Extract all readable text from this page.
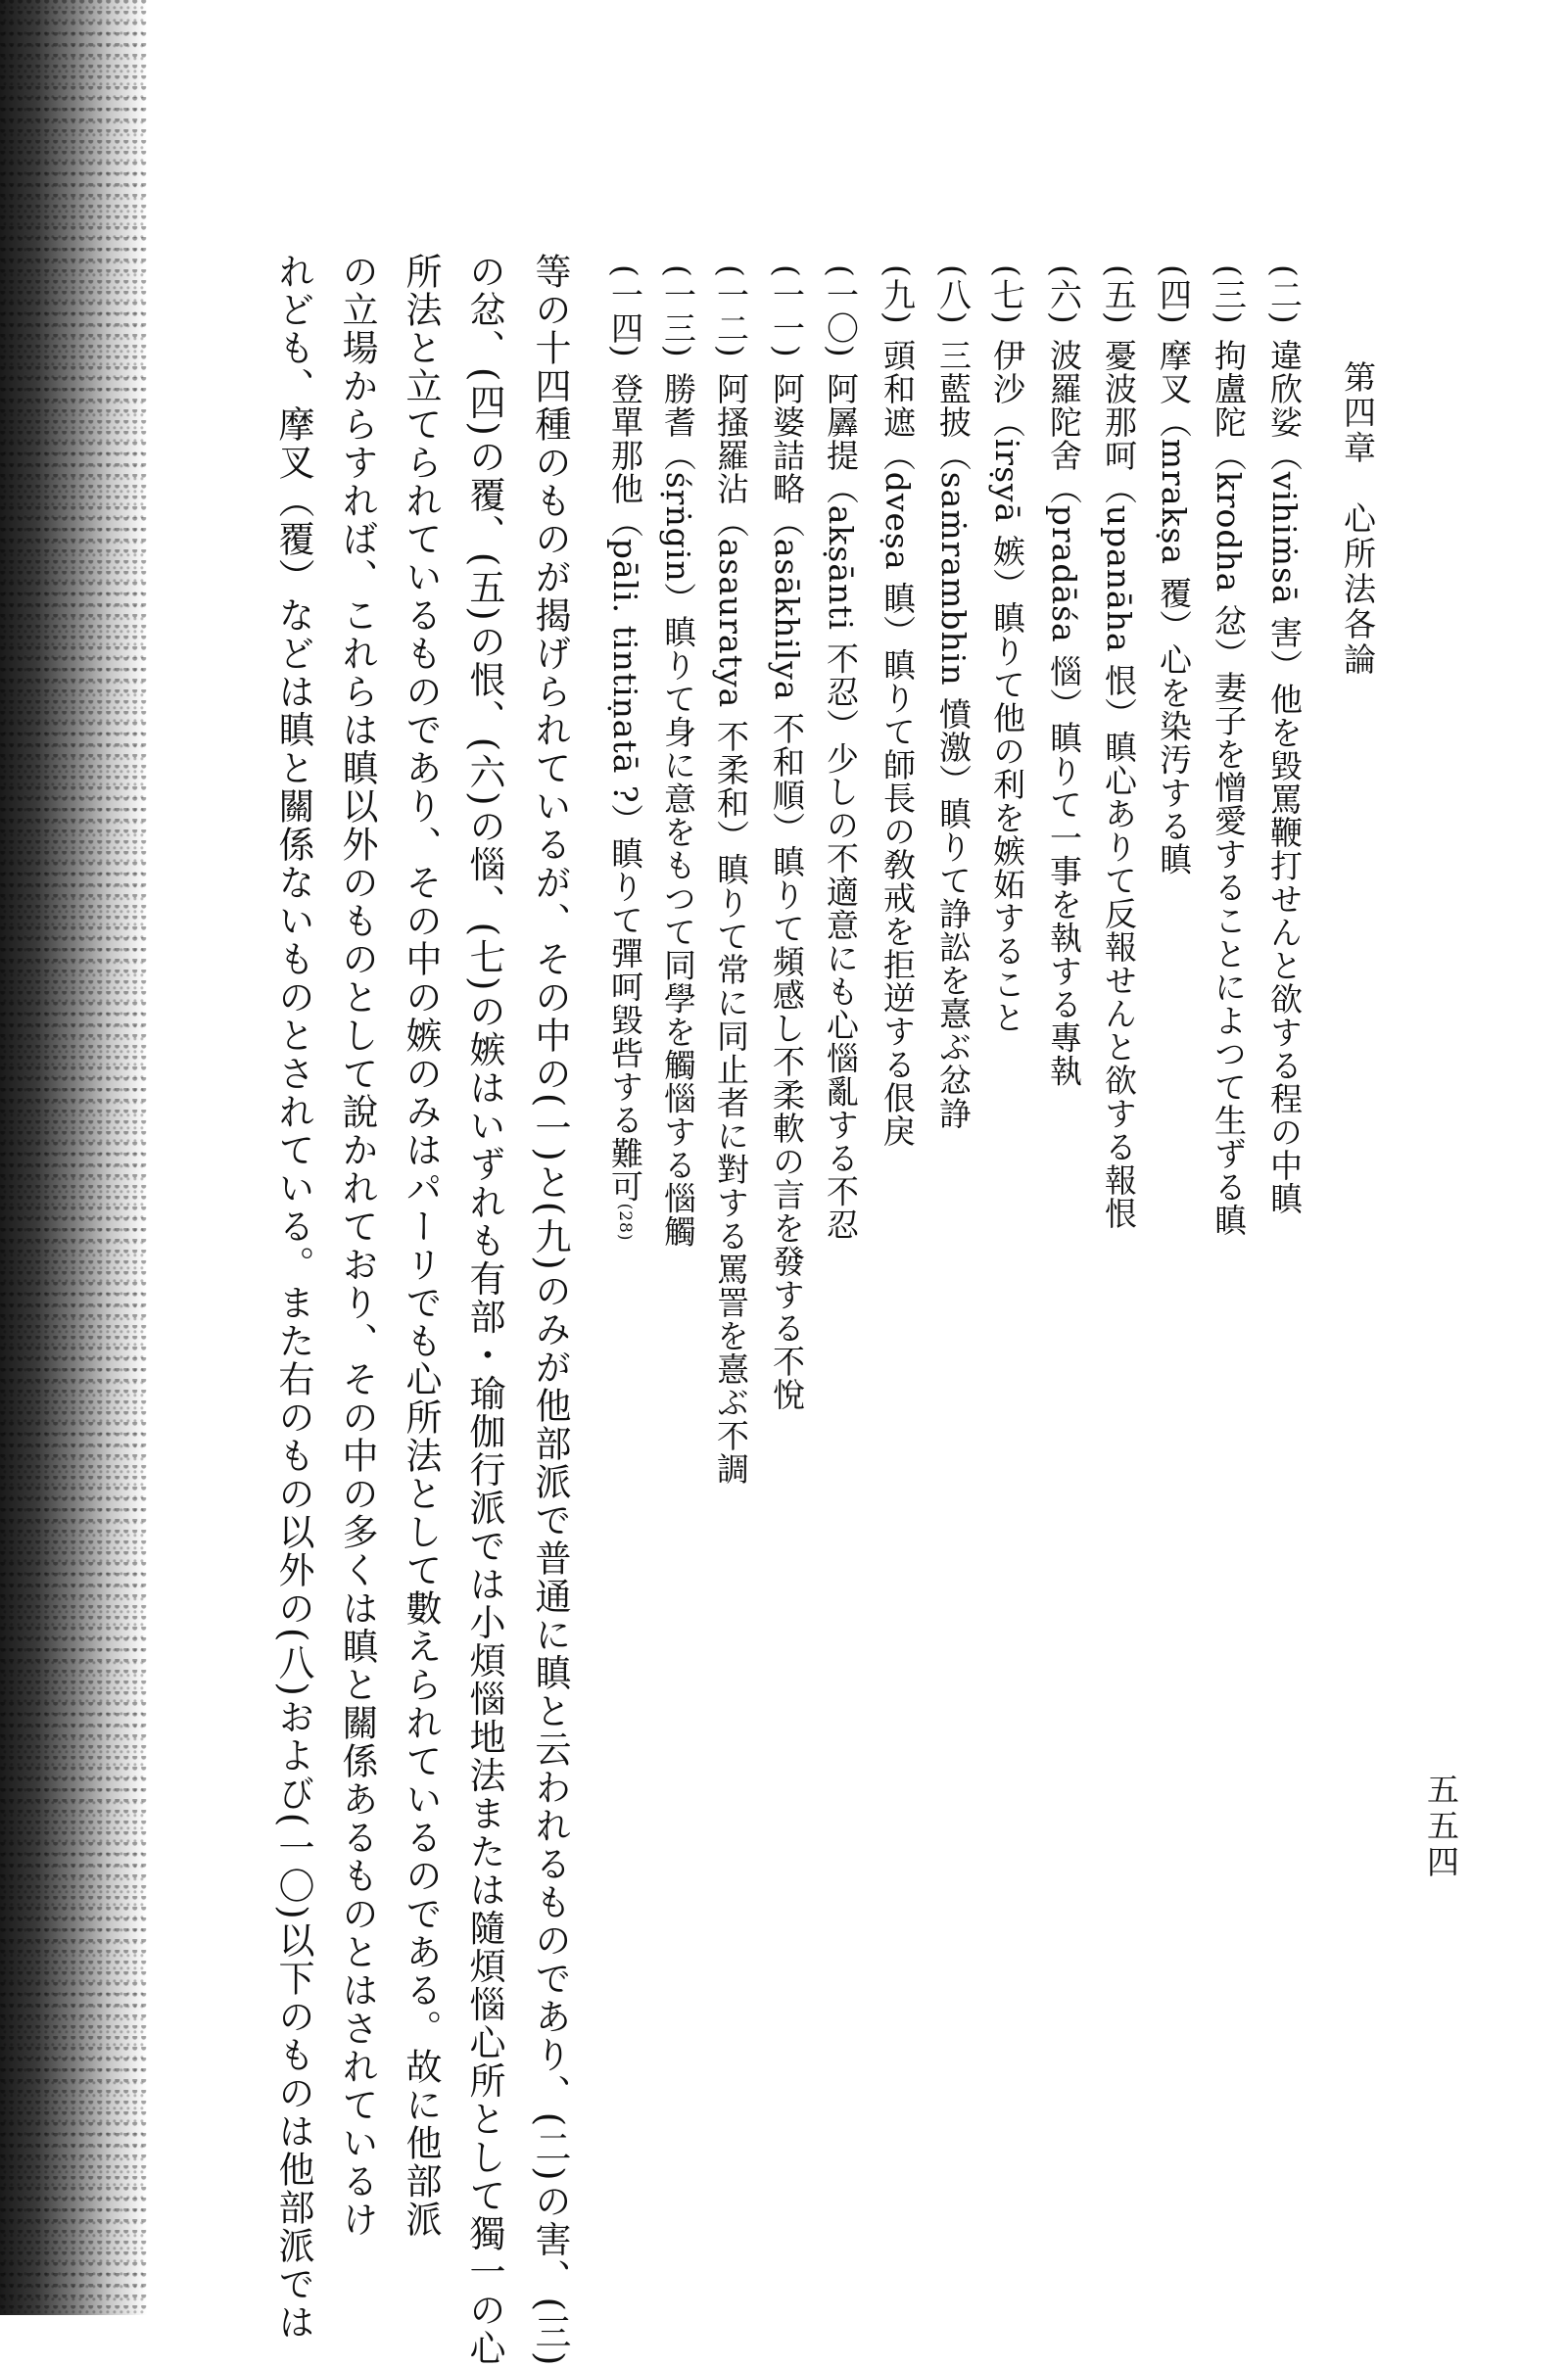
第四章　心所法各論
五五四
(二)違欣娑（vihiṁsā 害）他を毀罵鞭打せんと欲する程の中瞋
(三)拘盧陀（krodha 忿）妻子を憎愛することによつて生ずる瞋
(四)摩叉（mrakṣa 覆）心を染汚する瞋
(五)憂波那呵（upanāha 恨）瞋心ありて反報せんと欲する報恨
(六)波羅陀舍（pradāśa 惱）瞋りて一事を執する專執
(七)伊沙（irṣyā 嫉）瞋りて他の利を嫉妬すること
(八)三藍披（saṁrambhin 憤激）瞋りて諍訟を憙ぶ忿諍
(九)頭和遮（dveṣa 瞋）瞋りて師長の敎戒を拒逆する佷戾
(一〇)阿羼提（akṣānti 不忍）少しの不適意にも心惱亂する不忍
(一一)阿婆詰略（asākhilya 不和順）瞋りて頻感し不柔軟の言を發する不悅
(一二)阿搔羅沾（asauratya 不柔和）瞋りて常に同止者に對する罵詈を憙ぶ不調
(一三)勝耆（śṛṅgin）瞋りて身に意をもつて同學を觸惱する惱觸
(一四)登單那他（pāli. tintiṇatā ?）瞋りて彈呵毀呰する難可(28)
等の十四種のものが揭げられているが、その中の(一)と(九)のみが他部派で普通に瞋と云われるものであり、(二)の害、(三)
の忿、(四)の覆、(五)の恨、(六)の惱、(七)の嫉はいずれも有部・瑜伽行派では小煩惱地法または隨煩惱心所として獨一の心
所法と立てられているものであり、その中の嫉のみはパーリでも心所法として數えられているのである。故に他部派
の立場からすれば、これらは瞋以外のものとして說かれており、その中の多くは瞋と關係あるものとはされているけ
れども、摩叉（覆）などは瞋と關係ないものとされている。また右のもの以外の(八)および(一〇)以下のものは他部派では
